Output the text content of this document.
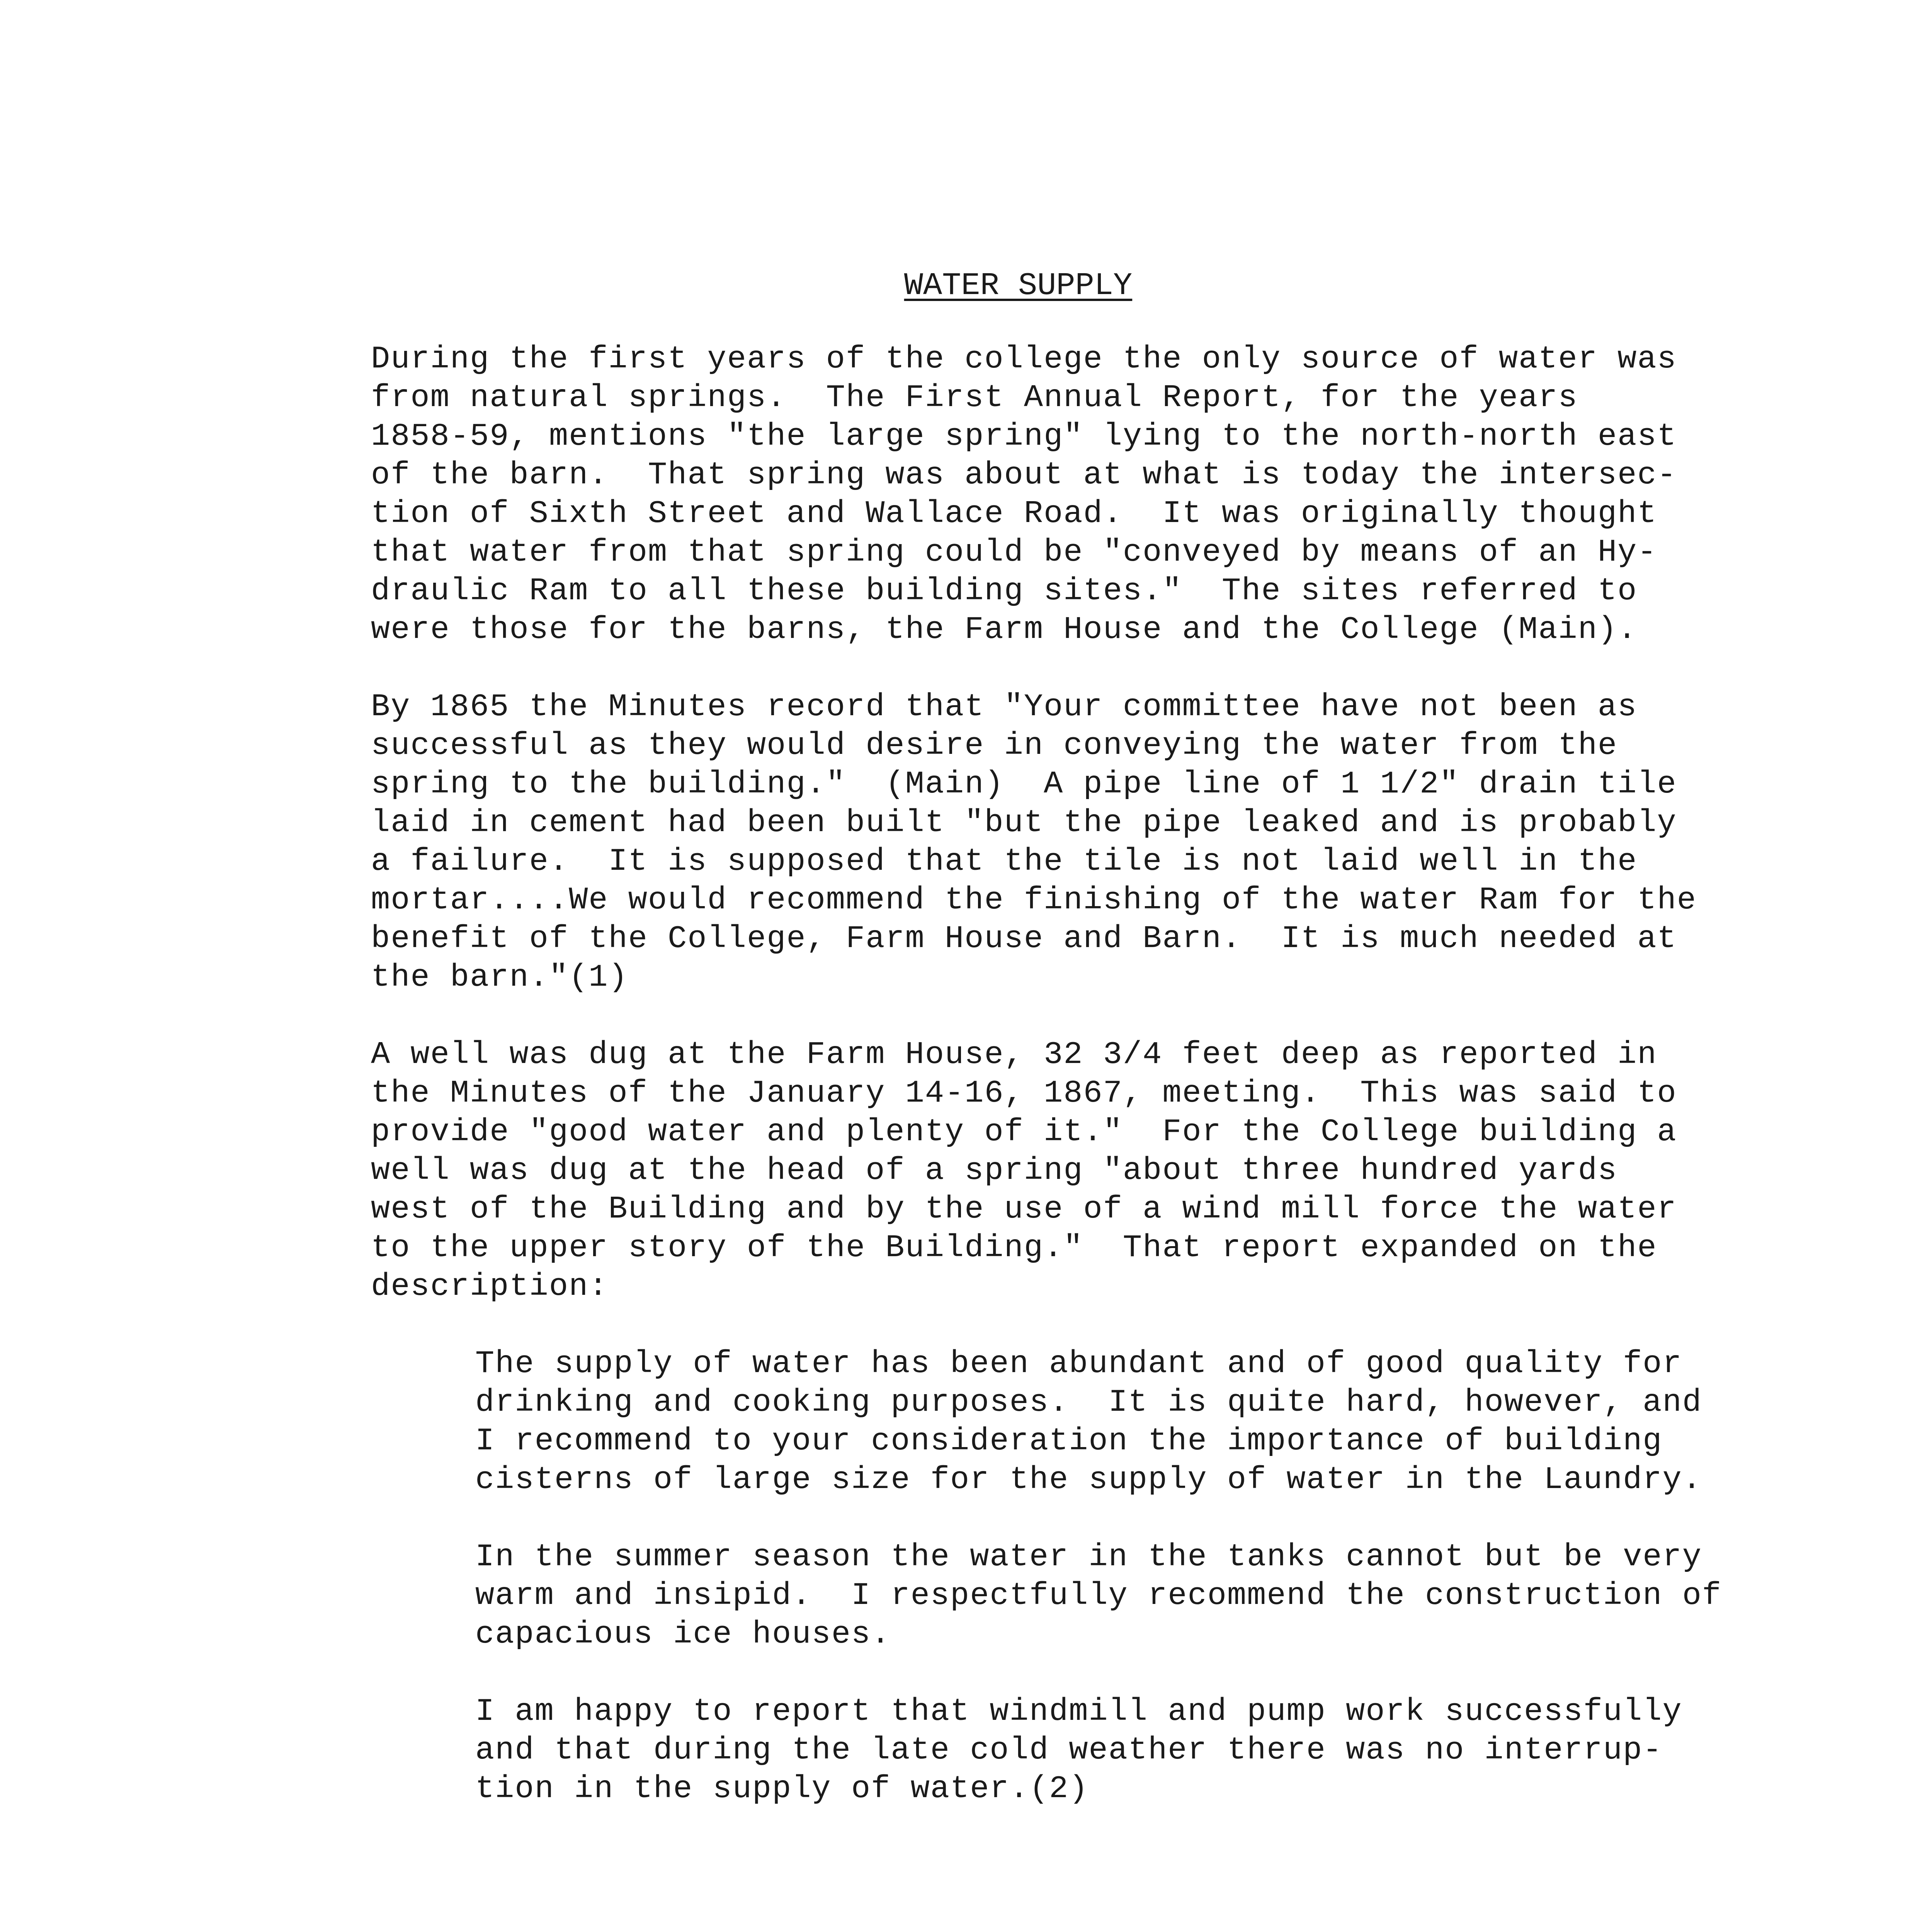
WATER SUPPLY

During the first years of the college the only source of water was
from natural springs.  The First Annual Report, for the years
1858-59, mentions "the large spring" lying to the north-north east
of the barn.  That spring was about at what is today the intersec-
tion of Sixth Street and Wallace Road.  It was originally thought
that water from that spring could be "conveyed by means of an Hy-
draulic Ram to all these building sites."  The sites referred to
were those for the barns, the Farm House and the College (Main).

By 1865 the Minutes record that "Your committee have not been as
successful as they would desire in conveying the water from the
spring to the building."  (Main)  A pipe line of 1 1/2" drain tile
laid in cement had been built "but the pipe leaked and is probably
a failure.  It is supposed that the tile is not laid well in the
mortar....We would recommend the finishing of the water Ram for the
benefit of the College, Farm House and Barn.  It is much needed at
the barn."(1)

A well was dug at the Farm House, 32 3/4 feet deep as reported in
the Minutes of the January 14-16, 1867, meeting.  This was said to
provide "good water and plenty of it."  For the College building a
well was dug at the head of a spring "about three hundred yards
west of the Building and by the use of a wind mill force the water
to the upper story of the Building."  That report expanded on the
description:

The supply of water has been abundant and of good quality for
drinking and cooking purposes.  It is quite hard, however, and
I recommend to your consideration the importance of building
cisterns of large size for the supply of water in the Laundry.

In the summer season the water in the tanks cannot but be very
warm and insipid.  I respectfully recommend the construction of
capacious ice houses.

I am happy to report that windmill and pump work successfully
and that during the late cold weather there was no interrup-
tion in the supply of water.(2)
